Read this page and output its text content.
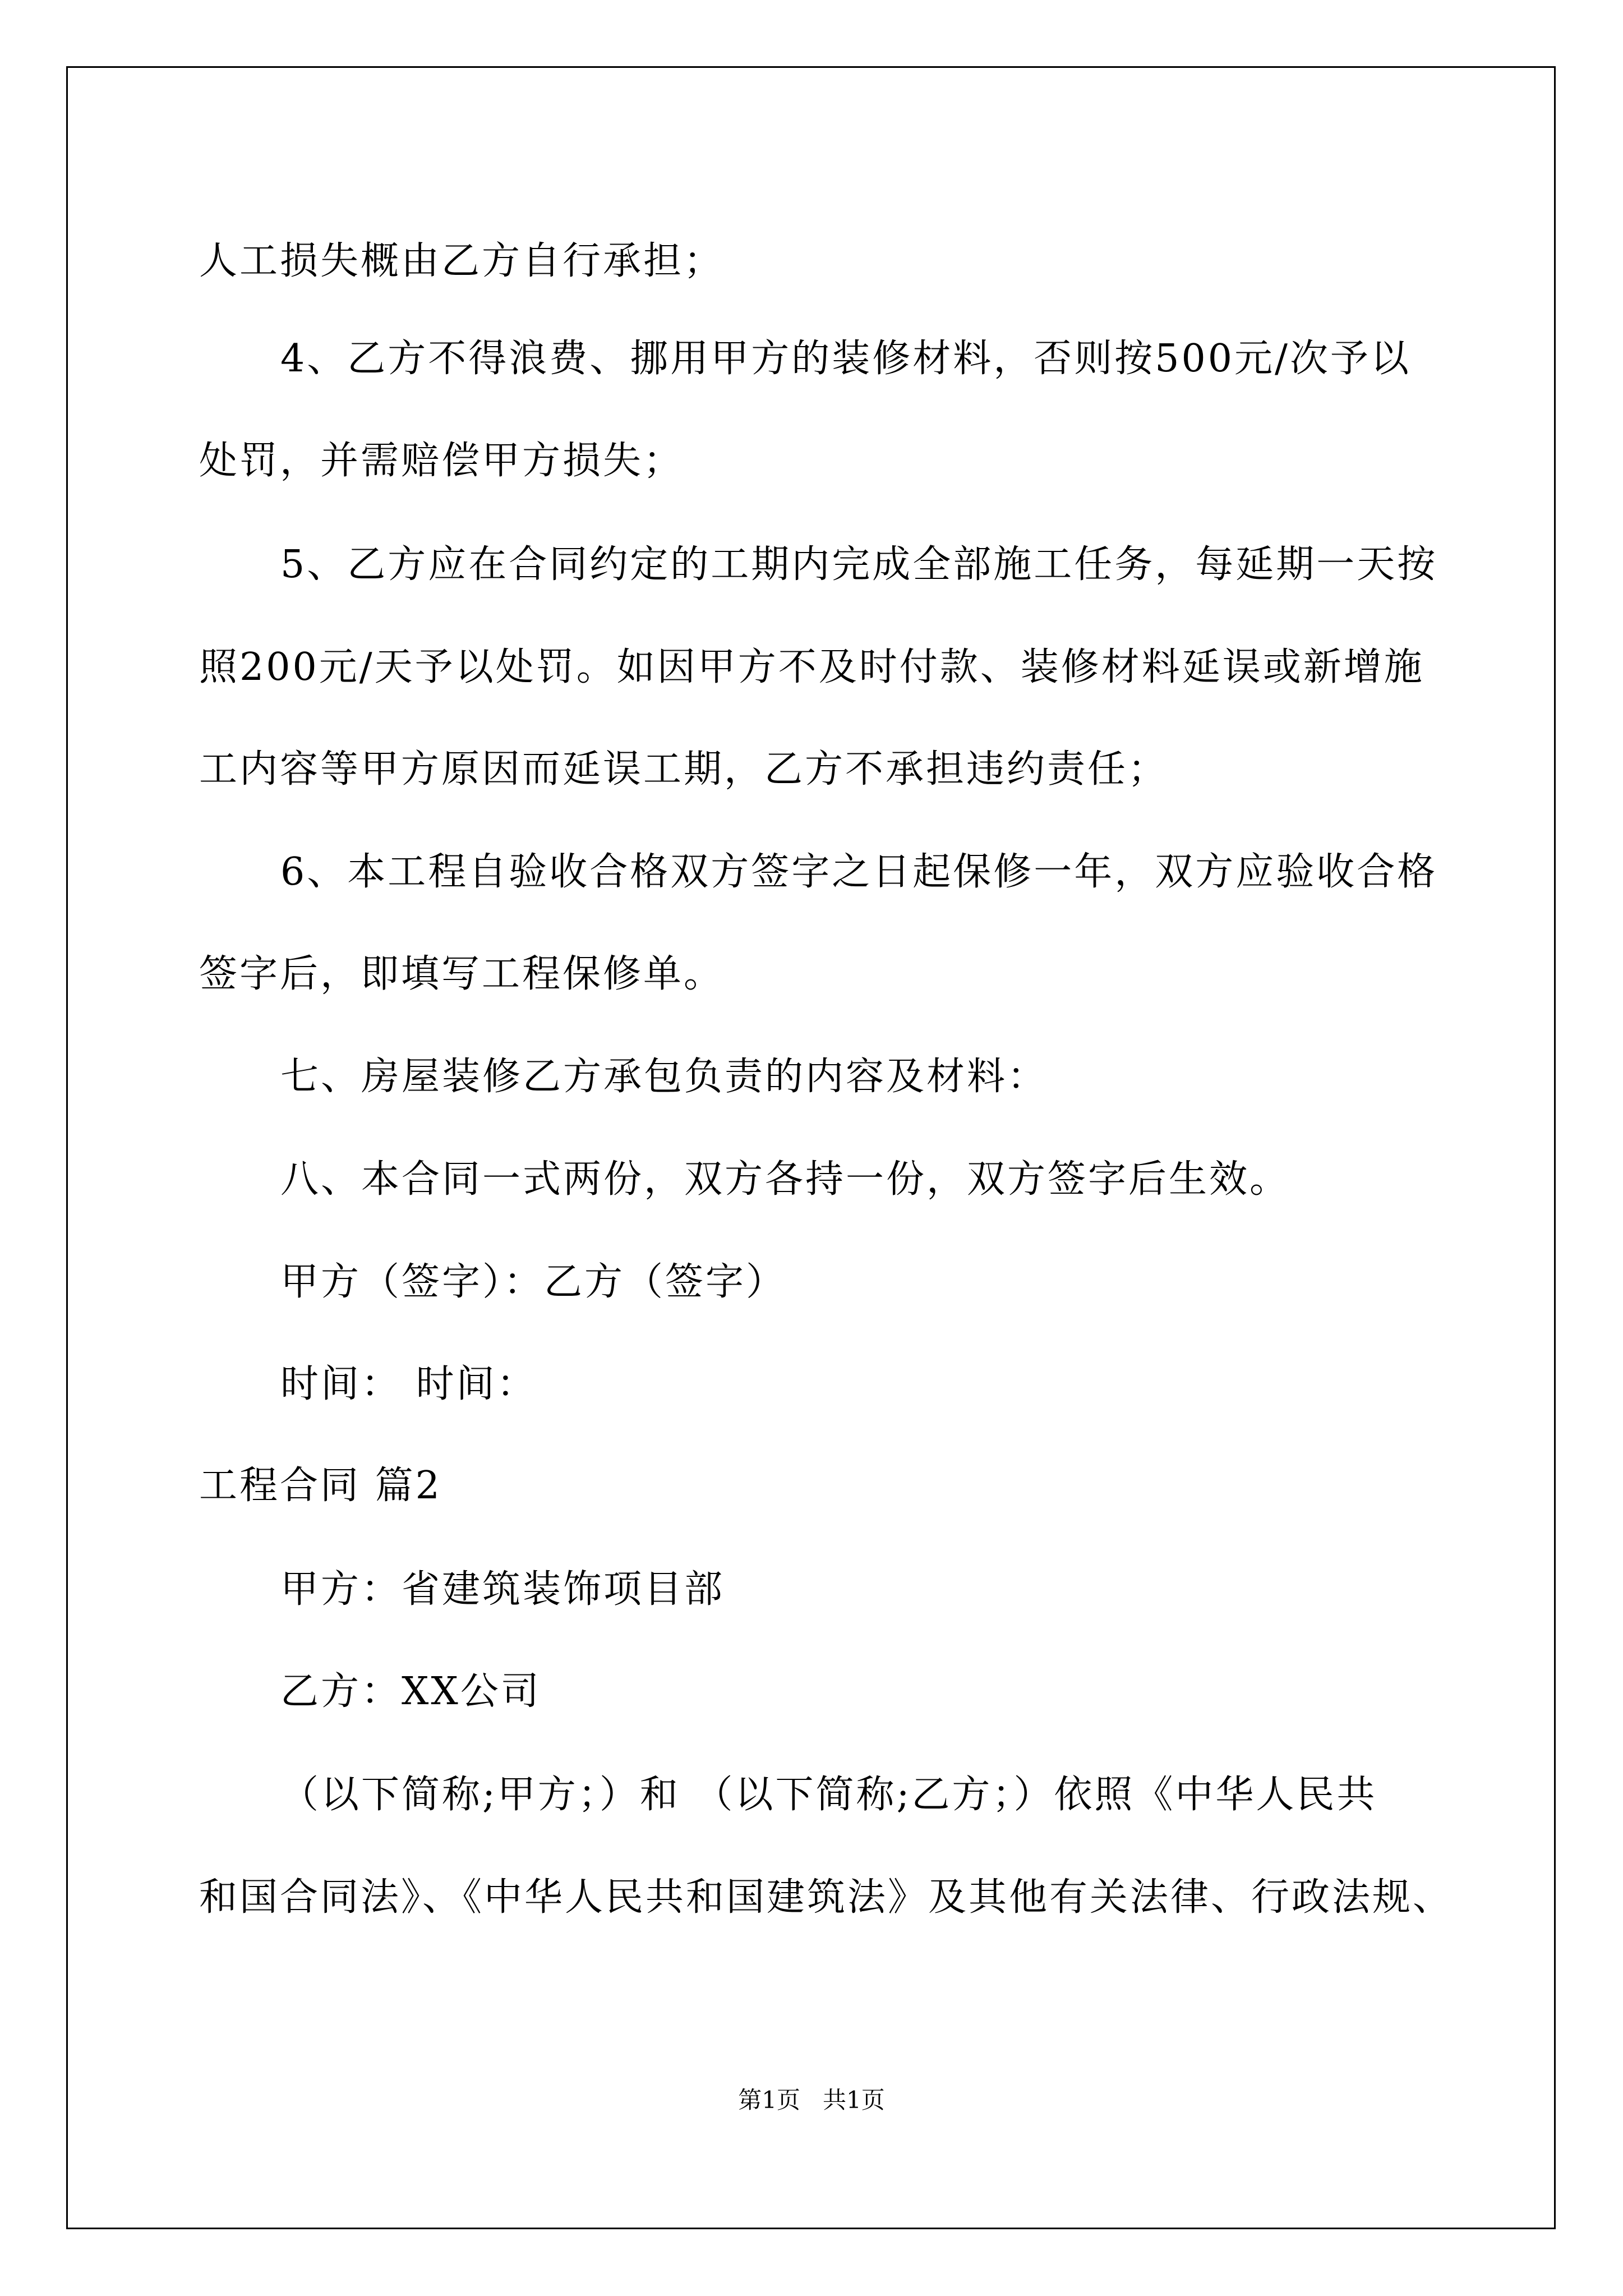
人工损失概由乙方自行承担；
4、乙方不得浪费、挪用甲方的装修材料，否则按500元/次予以
处罚，并需赔偿甲方损失；
5、乙方应在合同约定的工期内完成全部施工任务，每延期一天按
照200元/天予以处罚。如因甲方不及时付款、装修材料延误或新增施
工内容等甲方原因而延误工期，乙方不承担违约责任；
6、本工程自验收合格双方签字之日起保修一年，双方应验收合格
签字后，即填写工程保修单。
七、房屋装修乙方承包负责的内容及材料：
八、本合同一式两份，双方各持一份，双方签字后生效。
甲方（签字）：乙方（签字）
时间： 时间：
工程合同 篇2
甲方：省建筑装饰项目部
乙方：XX公司
（以下简称;甲方；）和 （以下简称;乙方；）依照《中华人民共
和国合同法》、《中华人民共和国建筑法》及其他有关法律、行政法规、
第1页   共1页
